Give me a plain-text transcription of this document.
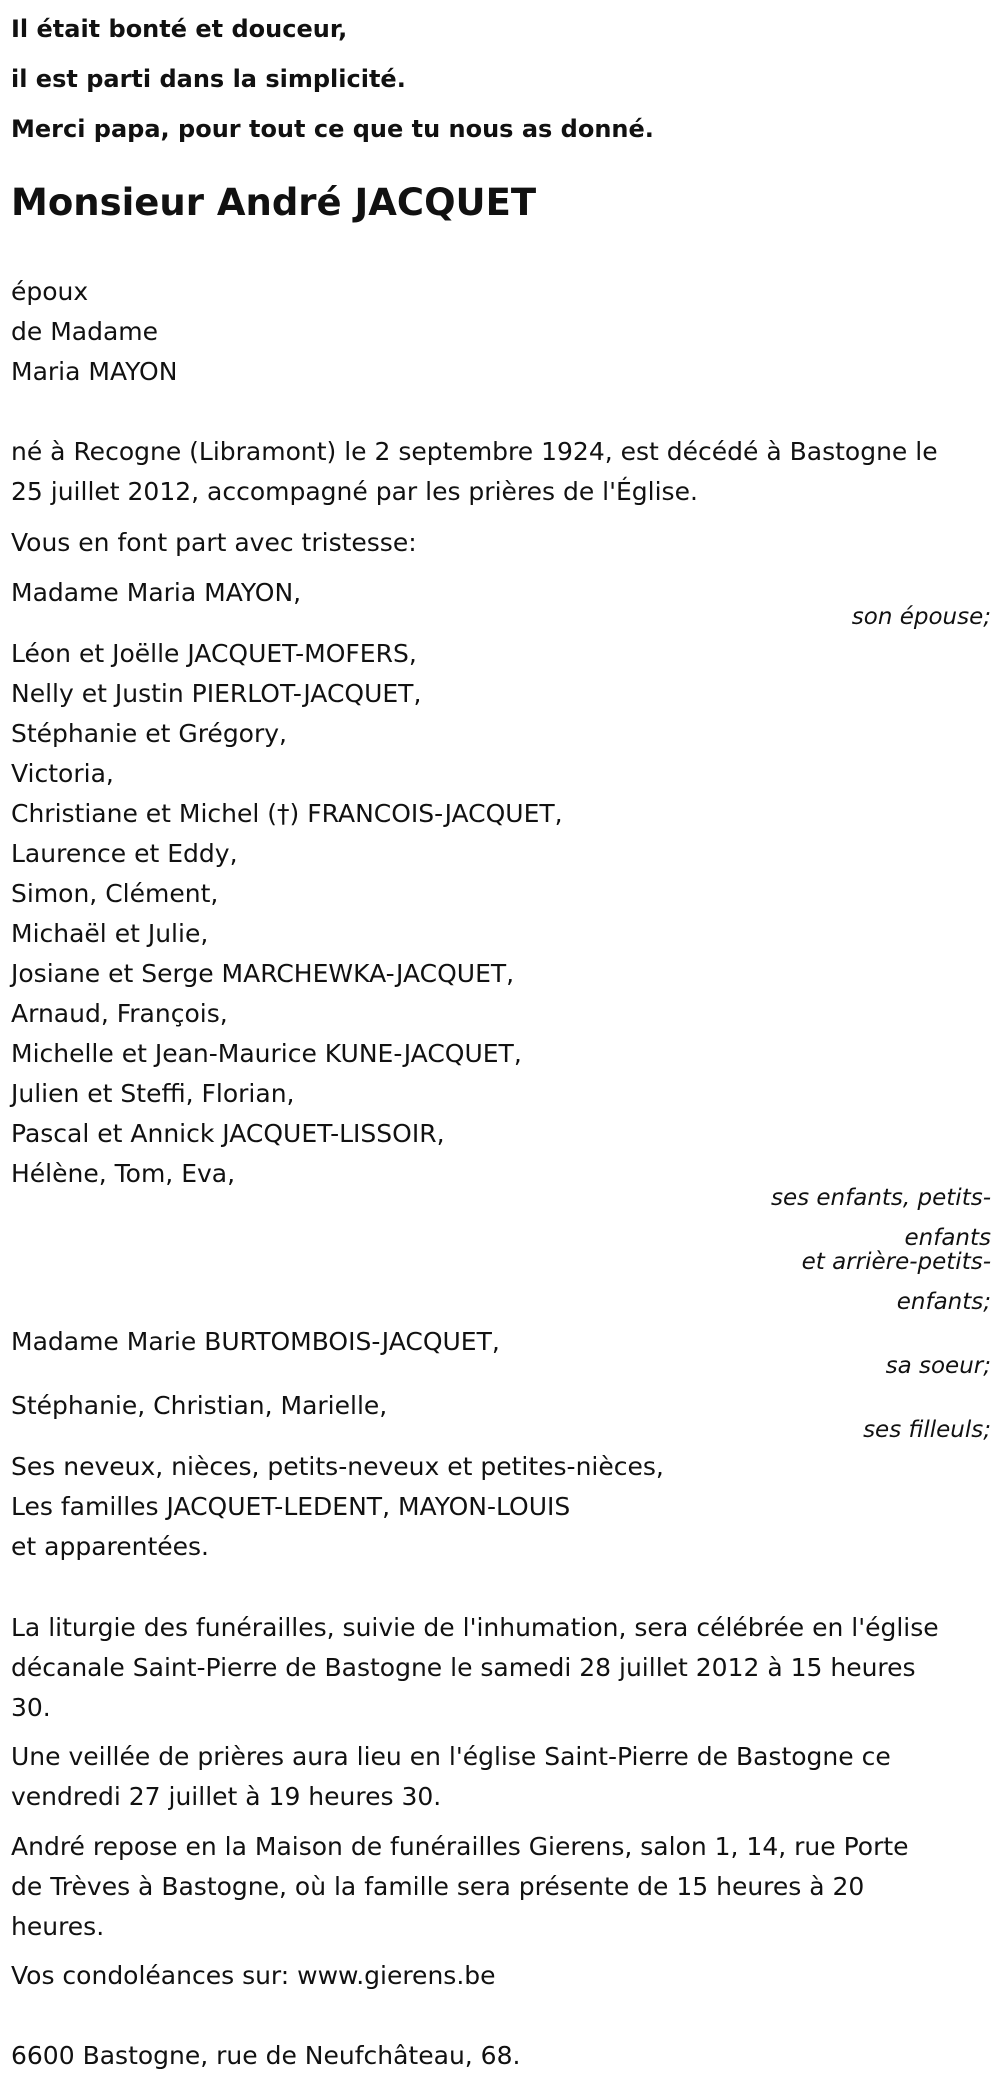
Il était bonté et douceur,
il est parti dans la simplicité.
Merci papa, pour tout ce que tu nous as donné.
Monsieur André JACQUET
époux
de Madame
Maria MAYON
né à Recogne (Libramont) le 2 septembre 1924, est décédé à Bastogne le
25 juillet 2012, accompagné par les prières de l'Église.
Vous en font part avec tristesse:
Madame Maria MAYON,
son épouse;
Léon et Joëlle JACQUET-MOFERS,
Nelly et Justin PIERLOT-JACQUET,
Stéphanie et Grégory,
Victoria,
Christiane et Michel (†) FRANCOIS-JACQUET,
Laurence et Eddy,
Simon, Clément,
Michaël et Julie,
Josiane et Serge MARCHEWKA-JACQUET,
Arnaud, François,
Michelle et Jean-Maurice KUNE-JACQUET,
Julien et Steffi, Florian,
Pascal et Annick JACQUET-LISSOIR,
Hélène, Tom, Eva,
ses enfants, petits-
enfants
et arrière-petits-
enfants;
Madame Marie BURTOMBOIS-JACQUET,
sa soeur;
Stéphanie, Christian, Marielle,
ses filleuls;
Ses neveux, nièces, petits-neveux et petites-nièces,
Les familles JACQUET-LEDENT, MAYON-LOUIS
et apparentées.
La liturgie des funérailles, suivie de l'inhumation, sera célébrée en l'église
décanale Saint-Pierre de Bastogne le samedi 28 juillet 2012 à 15 heures
30.
Une veillée de prières aura lieu en l'église Saint-Pierre de Bastogne ce
vendredi 27 juillet à 19 heures 30.
André repose en la Maison de funérailles Gierens, salon 1, 14, rue Porte
de Trèves à Bastogne, où la famille sera présente de 15 heures à 20
heures.
Vos condoléances sur: www.gierens.be
6600 Bastogne, rue de Neufchâteau, 68.
